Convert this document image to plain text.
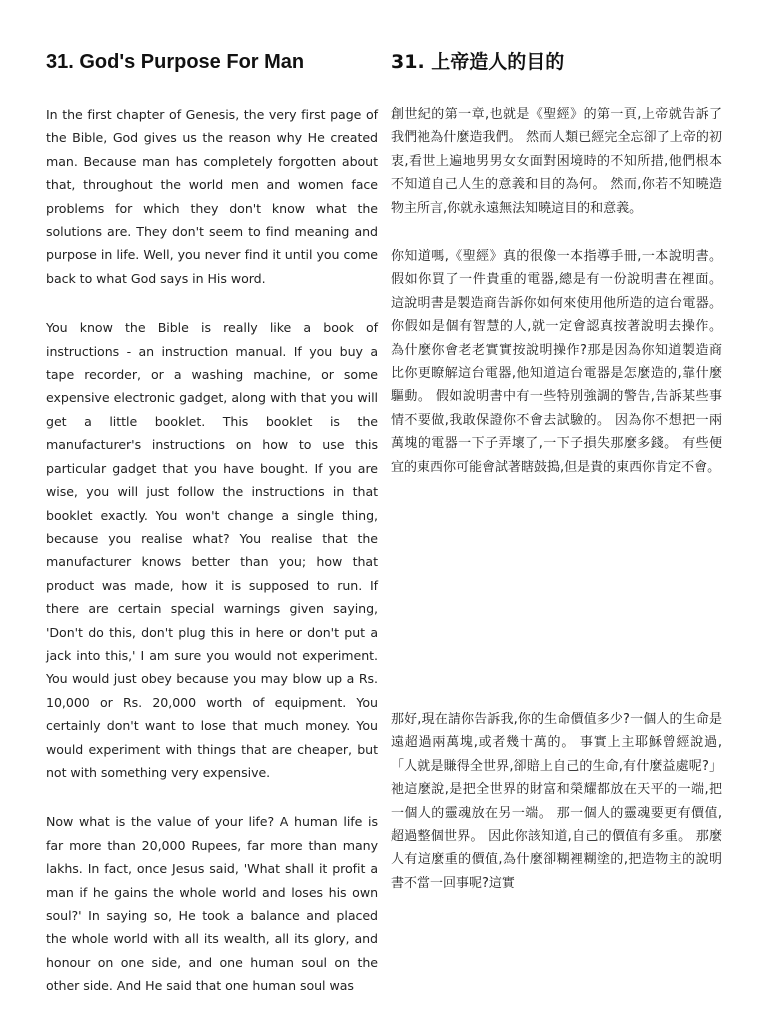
31. God's Purpose For Man

In the first chapter of Genesis, the very first page of the Bible, God gives us the reason why He created man. Because man has completely forgotten about that, throughout the world men and women face problems for which they don't know what the solutions are. They don't seem to find meaning and purpose in life. Well, you never find it until you come back to what God says in His word.

You know the Bible is really like a book of instructions - an instruction manual. If you buy a tape recorder, or a washing machine, or some expensive electronic gadget, along with that you will get a little booklet. This booklet is the manufacturer's instructions on how to use this particular gadget that you have bought. If you are wise, you will just follow the instructions in that booklet exactly. You won't change a single thing, because you realise what? You realise that the manufacturer knows better than you; how that product was made, how it is supposed to run. If there are certain special warnings given saying, 'Don't do this, don't plug this in here or don't put a jack into this,' I am sure you would not experiment. You would just obey because you may blow up a Rs. 10,000 or Rs. 20,000 worth of equipment. You certainly don't want to lose that much money. You would experiment with things that are cheaper, but not with something very expensive.

Now what is the value of your life? A human life is far more than 20,000 Rupees, far more than many lakhs. In fact, once Jesus said, 'What shall it profit a man if he gains the whole world and loses his own soul?' In saying so, He took a balance and placed the whole world with all its wealth, all its glory, and honour on one side, and one human soul on the other side. And He said that one human soul was

31. 上帝造人的目的

創世紀的第一章,也就是《聖經》的第一頁,上帝就告訴了我們祂為什麼造我們。 然而人類已經完全忘卻了上帝的初衷,看世上遍地男男女女面對困境時的不知所措,他們根本不知道自己人生的意義和目的為何。 然而,你若不知曉造物主所言,你就永遠無法知曉這目的和意義。

你知道嗎,《聖經》真的很像一本指導手冊,一本說明書。 假如你買了一件貴重的電器,總是有一份說明書在裡面。 這說明書是製造商告訴你如何來使用他所造的這台電器。 你假如是個有智慧的人,就一定會認真按著說明去操作。 為什麼你會老老實實按說明操作?那是因為你知道製造商比你更瞭解這台電器,他知道這台電器是怎麼造的,靠什麼驅動。 假如說明書中有一些特別強調的警告,告訴某些事情不要做,我敢保證你不會去試驗的。 因為你不想把一兩萬塊的電器一下子弄壞了,一下子損失那麼多錢。 有些便宜的東西你可能會試著瞎鼓搗,但是貴的東西你肯定不會。

那好,現在請你告訴我,你的生命價值多少?一個人的生命是遠超過兩萬塊,或者幾十萬的。 事實上主耶穌曾經說過,「人就是賺得全世界,卻賠上自己的生命,有什麼益處呢?」 祂這麼說,是把全世界的財富和榮耀都放在天平的一端,把一個人的靈魂放在另一端。 那一個人的靈魂要更有價值,超過整個世界。 因此你該知道,自己的價值有多重。 那麼人有這麼重的價值,為什麼卻糊裡糊塗的,把造物主的說明書不當一回事呢?這實
